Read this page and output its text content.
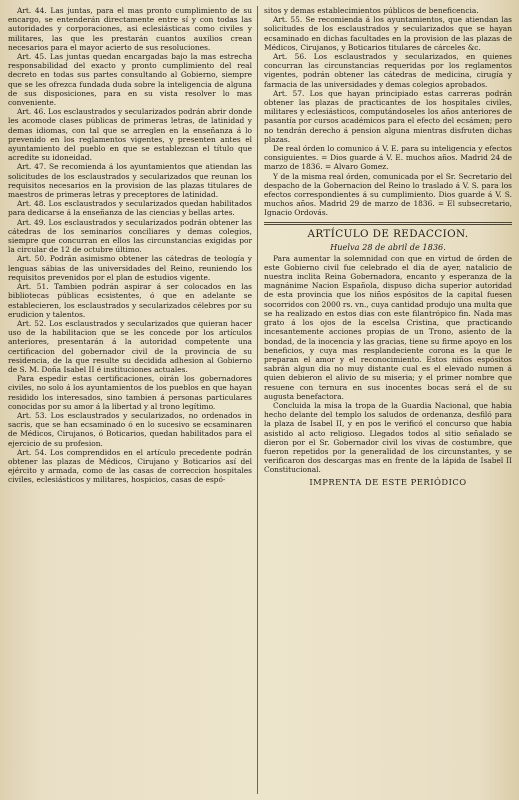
Art. 44. Las juntas, para el mas pronto cumplimiento de su encargo, se entenderán directamente entre sí y con todas las autoridades y corporaciones, asi eclesiásticas como civiles y militares, las que les prestarán cuantos auxilios crean necesarios para el mayor acierto de sus resoluciones.

Art. 45. Las juntas quedan encargadas bajo la mas estrecha responsabilidad del exacto y pronto cumplimiento del real decreto en todas sus partes consultando al Gobierno, siempre que se les ofrezca fundada duda sobre la inteligencia de alguna de sus disposiciones, para en su vista resolver lo mas conveniente.

Art. 46. Los esclaustrados y secularizados podrán abrir donde les acomode clases públicas de primeras letras, de latinidad y demas idiomas, con tal que se arreglen en la enseñanza á lo prevenido en los reglamentos vigentes, y presenten antes el ayuntamiento del pueblo en que se establezcan el título que acredite su idoneidad.

Art. 47. Se recomienda á los ayuntamientos que atiendan las solicitudes de los esclaustrados y secularizados que reunan los requisitos necesarios en la provision de las plazas titulares de maestros de primeras letras y preceptores de latinidad.

Art. 48. Los esclaustrados y secularizados quedan habilitados para dedicarse á la enseñanza de las ciencias y bellas artes.

Art. 49. Los esclaustrados y secularizados podrán obtener las cátedras de los seminarios conciliares y demas colegios, siempre que concurran en ellos las circunstancias exigidas por la circular de 12 de octubre último.

Art. 50. Podrán asimismo obtener las cátedras de teología y lenguas sábias de las universidades del Reino, reuniendo los requisitos prevenidos por el plan de estudios vigente.

Art. 51. Tambien podrán aspirar á ser colocados en las bibliotecas públicas ecsistentes, ó que en adelante se establecieren, los esclaustrados y secularizados célebres por su erudicion y talentos.

Art. 52. Los esclaustrados y secularizados que quieran hacer uso de la habilitacion que se les concede por los artículos anteriores, presentarán á la autoridad competente una certificacion del gobernador civil de la provincia de su residencia, de la que resulte su decidida adhesion al Gobierno de S. M. Doña Isabel II é instituciones actuales.

Para espedir estas certificaciones, oirán los gobernadores civiles, no solo á los ayuntamientos de los pueblos en que hayan residido los interesados, sino tambien á personas particulares conocidas por su amor á la libertad y al trono legítimo.

Art. 53. Los esclaustrados y secularizados, no ordenados in sacris, que se han ecsaminado ó en lo sucesivo se ecsaminaren de Médicos, Cirujanos, ó Boticarios, quedan habilitados para el ejercicio de su profesion.

Art. 54. Los comprendidos en el artículo precedente podrán obtener las plazas de Médicos, Cirujano y Boticarios así del ejército y armada, como de las casas de correccion hospitales civiles, eclesiásticos y militares, hospicios, casas de espó-

sitos y demas establecimientos públicos de beneficencia.

Art. 55. Se recomienda á los ayuntamientos, que atiendan las solicitudes de los esclaustrados y secularizados que se hayan ecsaminado en dichas facultades en la provision de las plazas de Médicos, Cirujanos, y Boticarios titulares de cárceles &c.

Art. 56. Los esclaustrados y secularizados, en quienes concurran las circunstancias requeridas por los reglamentos vigentes, podrán obtener las cátedras de medicina, cirugía y farmacia de las universidades y demas colegios aprobados.

Art. 57. Los que hayan principiado estas carreras podrán obtener las plazas de practicantes de los hospitales civiles, militares y eclesiásticos, computándoseles los años anteriores de pasantía por cursos académicos para el efecto del ecsámen; pero no tendrán derecho á pension alguna mientras disfruten dichas plazas.

De real órden lo comunico á V. E. para su inteligencia y efectos consiguientes. = Dios guarde á V. E. muchos años. Madrid 24 de marzo de 1836. = Alvaro Gomez.

Y de la misma real órden, comunicada por el Sr. Secretario del despacho de la Gobernacion del Reino lo traslado á V. S. para los efectos correspondientes á su cumplimiento. Dios guarde á V. S. muchos años. Madrid 29 de marzo de 1836. = El subsecretario, Ignacio Ordovás.

ARTÍCULO DE REDACCION.
Huelva 28 de abril de 1836.

Para aumentar la solemnidad con que en virtud de órden de este Gobierno civil fue celebrado el dia de ayer, natalicio de nuestra inclita Reina Gobernadora, encanto y esperanza de la magnánime Nacion Española, dispuso dicha superior autoridad de esta provincia que los niños espósitos de la capital fuesen socorridos con 2000 rs. vn., cuya cantidad produjo una multa que se ha realizado en estos dias con este filantrópico fin. Nada mas grato á los ojos de la escelsa Cristina, que practicando incesantemente acciones propias de un Trono, asiento de la bondad, de la inocencia y las gracias, tiene su firme apoyo en los beneficios, y cuya mas resplandeciente corona es la que le preparan el amor y el reconocimiento. Estos niños espósitos sabrán algun dia no muy distante cual es el elevado numen á quien debieron el alivio de su miseria; y el primer nombre que resuene con ternura en sus inocentes bocas será el de su augusta benefactora.

Concluida la misa la tropa de la Guardia Nacional, que habia hecho delante del templo los saludos de ordenanza, desfiló para la plaza de Isabel II, y en pos le verificó el concurso que habia asistido al acto religioso. Llegados todos al sitio señalado se dieron por el Sr. Gobernador civil los vivas de costumbre, que fueron repetidos por la generalidad de los circunstantes, y se verificaron dos descargas mas en frente de la lápida de Isabel II Constitucional.

IMPRENTA DE ESTE PERIÓDICO
